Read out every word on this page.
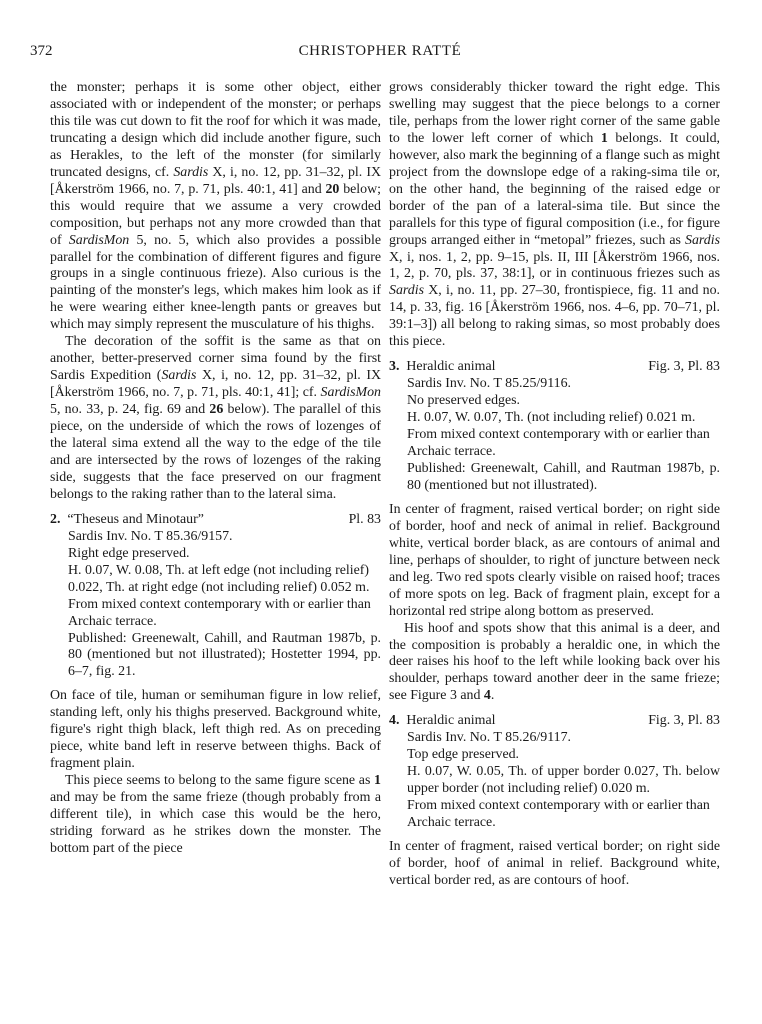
372	CHRISTOPHER RATTÉ

the monster; perhaps it is some other object, either associated with or independent of the monster; or perhaps this tile was cut down to fit the roof for which it was made, truncating a design which did include another figure, such as Herakles, to the left of the monster (for similarly truncated designs, cf. Sardis X, i, no. 12, pp. 31–32, pl. IX [Åkerström 1966, no. 7, p. 71, pls. 40:1, 41] and 20 below; this would require that we assume a very crowded composition, but perhaps not any more crowded than that of SardisMon 5, no. 5, which also provides a possible parallel for the combination of different figures and figure groups in a single continuous frieze). Also curious is the painting of the monster's legs, which makes him look as if he were wearing either knee-length pants or greaves but which may simply represent the musculature of his thighs.

The decoration of the soffit is the same as that on another, better-preserved corner sima found by the first Sardis Expedition (Sardis X, i, no. 12, pp. 31–32, pl. IX [Åkerström 1966, no. 7, p. 71, pls. 40:1, 41]; cf. SardisMon 5, no. 33, p. 24, fig. 69 and 26 below). The parallel of this piece, on the underside of which the rows of lozenges of the lateral sima extend all the way to the edge of the tile and are intersected by the rows of lozenges of the raking side, suggests that the face preserved on our fragment belongs to the raking rather than to the lateral sima.

2. “Theseus and Minotaur”	Pl. 83

Sardis Inv. No. T 85.36/9157.

Right edge preserved.

H. 0.07, W. 0.08, Th. at left edge (not including relief) 0.022, Th. at right edge (not including relief) 0.052 m.

From mixed context contemporary with or earlier than Archaic terrace.

Published: Greenewalt, Cahill, and Rautman 1987b, p. 80 (mentioned but not illustrated); Hostetter 1994, pp. 6–7, fig. 21.

On face of tile, human or semihuman figure in low relief, standing left, only his thighs preserved. Background white, figure's right thigh black, left thigh red. As on preceding piece, white band left in reserve between thighs. Back of fragment plain.

This piece seems to belong to the same figure scene as 1 and may be from the same frieze (though probably from a different tile), in which case this would be the hero, striding forward as he strikes down the monster. The bottom part of the piece

grows considerably thicker toward the right edge. This swelling may suggest that the piece belongs to a corner tile, perhaps from the lower right corner of the same gable to the lower left corner of which 1 belongs. It could, however, also mark the beginning of a flange such as might project from the downslope edge of a raking-sima tile or, on the other hand, the beginning of the raised edge or border of the pan of a lateral-sima tile. But since the parallels for this type of figural composition (i.e., for figure groups arranged either in “metopal” friezes, such as Sardis X, i, nos. 1, 2, pp. 9–15, pls. II, III [Åkerström 1966, nos. 1, 2, p. 70, pls. 37, 38:1], or in continuous friezes such as Sardis X, i, no. 11, pp. 27–30, frontispiece, fig. 11 and no. 14, p. 33, fig. 16 [Åkerström 1966, nos. 4–6, pp. 70–71, pl. 39:1–3]) all belong to raking simas, so most probably does this piece.

3. Heraldic animal	Fig. 3, Pl. 83

Sardis Inv. No. T 85.25/9116.

No preserved edges.

H. 0.07, W. 0.07, Th. (not including relief) 0.021 m.

From mixed context contemporary with or earlier than Archaic terrace.

Published: Greenewalt, Cahill, and Rautman 1987b, p. 80 (mentioned but not illustrated).

In center of fragment, raised vertical border; on right side of border, hoof and neck of animal in relief. Background white, vertical border black, as are contours of animal and line, perhaps of shoulder, to right of juncture between neck and leg. Two red spots clearly visible on raised hoof; traces of more spots on leg. Back of fragment plain, except for a horizontal red stripe along bottom as preserved.

His hoof and spots show that this animal is a deer, and the composition is probably a heraldic one, in which the deer raises his hoof to the left while looking back over his shoulder, perhaps toward another deer in the same frieze; see Figure 3 and 4.

4. Heraldic animal	Fig. 3, Pl. 83

Sardis Inv. No. T 85.26/9117.

Top edge preserved.

H. 0.07, W. 0.05, Th. of upper border 0.027, Th. below upper border (not including relief) 0.020 m.

From mixed context contemporary with or earlier than Archaic terrace.

In center of fragment, raised vertical border; on right side of border, hoof of animal in relief. Background white, vertical border red, as are contours of hoof.
